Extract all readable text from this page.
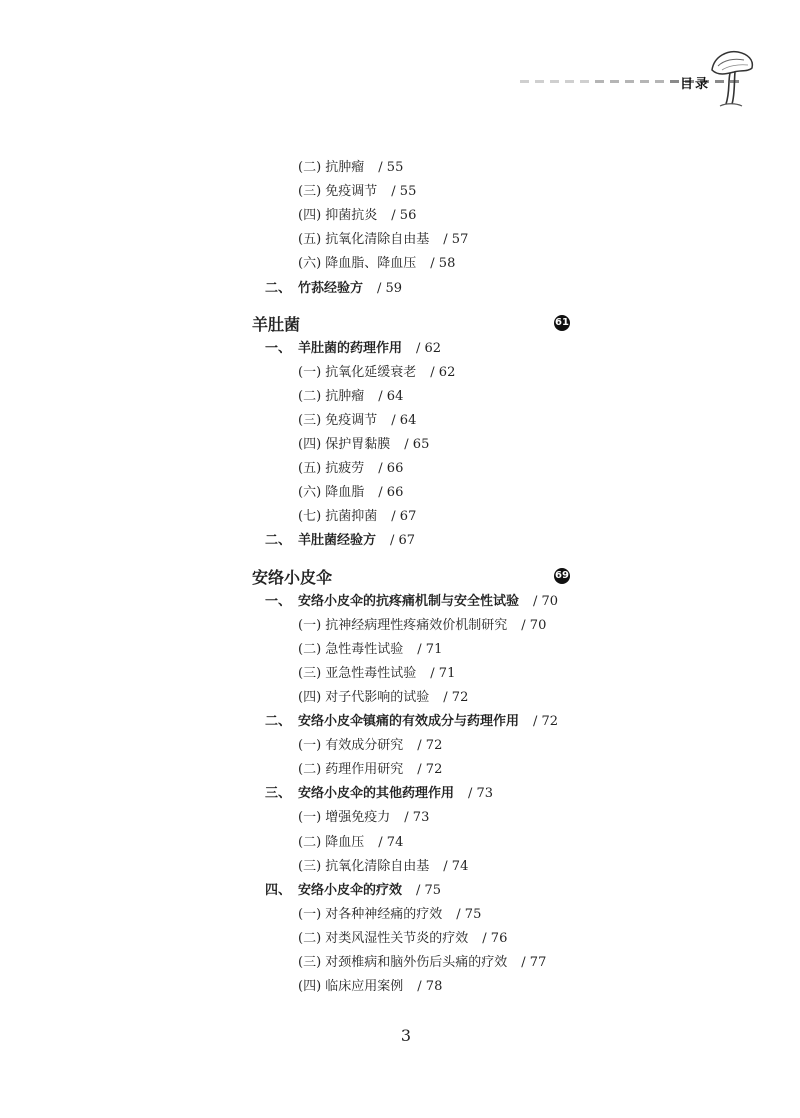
目录
(二) 抗肿瘤 / 55
(三) 免疫调节 / 55
(四) 抑菌抗炎 / 56
(五) 抗氧化清除自由基 / 57
(六) 降血脂、降血压 / 58
二、 竹荪经验方 / 59
羊肚菌	61
一、 羊肚菌的药理作用 / 62
(一) 抗氧化延缓衰老 / 62
(二) 抗肿瘤 / 64
(三) 免疫调节 / 64
(四) 保护胃黏膜 / 65
(五) 抗疲劳 / 66
(六) 降血脂 / 66
(七) 抗菌抑菌 / 67
二、 羊肚菌经验方 / 67
安络小皮伞	69
一、 安络小皮伞的抗疼痛机制与安全性试验 / 70
(一) 抗神经病理性疼痛效价机制研究 / 70
(二) 急性毒性试验 / 71
(三) 亚急性毒性试验 / 71
(四) 对子代影响的试验 / 72
二、 安络小皮伞镇痛的有效成分与药理作用 / 72
(一) 有效成分研究 / 72
(二) 药理作用研究 / 72
三、 安络小皮伞的其他药理作用 / 73
(一) 增强免疫力 / 73
(二) 降血压 / 74
(三) 抗氧化清除自由基 / 74
四、 安络小皮伞的疗效 / 75
(一) 对各种神经痛的疗效 / 75
(二) 对类风湿性关节炎的疗效 / 76
(三) 对颈椎病和脑外伤后头痛的疗效 / 77
(四) 临床应用案例 / 78
3
